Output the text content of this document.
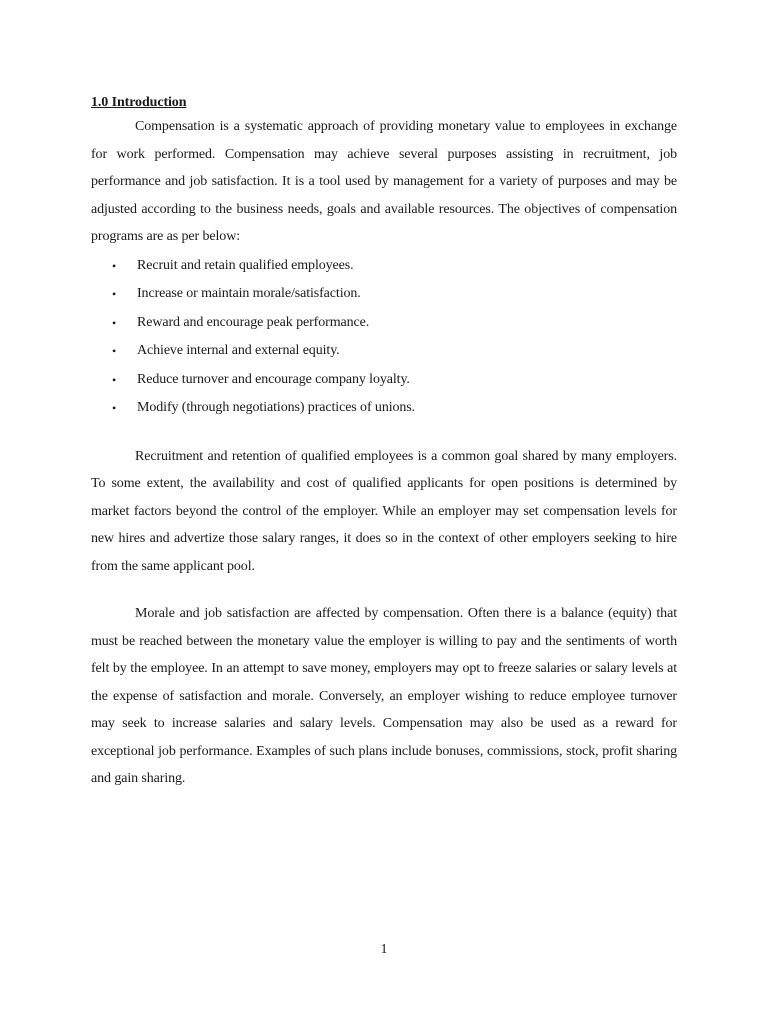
1.0 Introduction

Compensation is a systematic approach of providing monetary value to employees in exchange for work performed. Compensation may achieve several purposes assisting in recruitment, job performance and job satisfaction. It is a tool used by management for a variety of purposes and may be adjusted according to the business needs, goals and available resources. The objectives of compensation programs are as per below:

• Recruit and retain qualified employees.
• Increase or maintain morale/satisfaction.
• Reward and encourage peak performance.
• Achieve internal and external equity.
• Reduce turnover and encourage company loyalty.
• Modify (through negotiations) practices of unions.

Recruitment and retention of qualified employees is a common goal shared by many employers. To some extent, the availability and cost of qualified applicants for open positions is determined by market factors beyond the control of the employer. While an employer may set compensation levels for new hires and advertize those salary ranges, it does so in the context of other employers seeking to hire from the same applicant pool.

Morale and job satisfaction are affected by compensation. Often there is a balance (equity) that must be reached between the monetary value the employer is willing to pay and the sentiments of worth felt by the employee. In an attempt to save money, employers may opt to freeze salaries or salary levels at the expense of satisfaction and morale. Conversely, an employer wishing to reduce employee turnover may seek to increase salaries and salary levels. Compensation may also be used as a reward for exceptional job performance. Examples of such plans include bonuses, commissions, stock, profit sharing and gain sharing.

1
